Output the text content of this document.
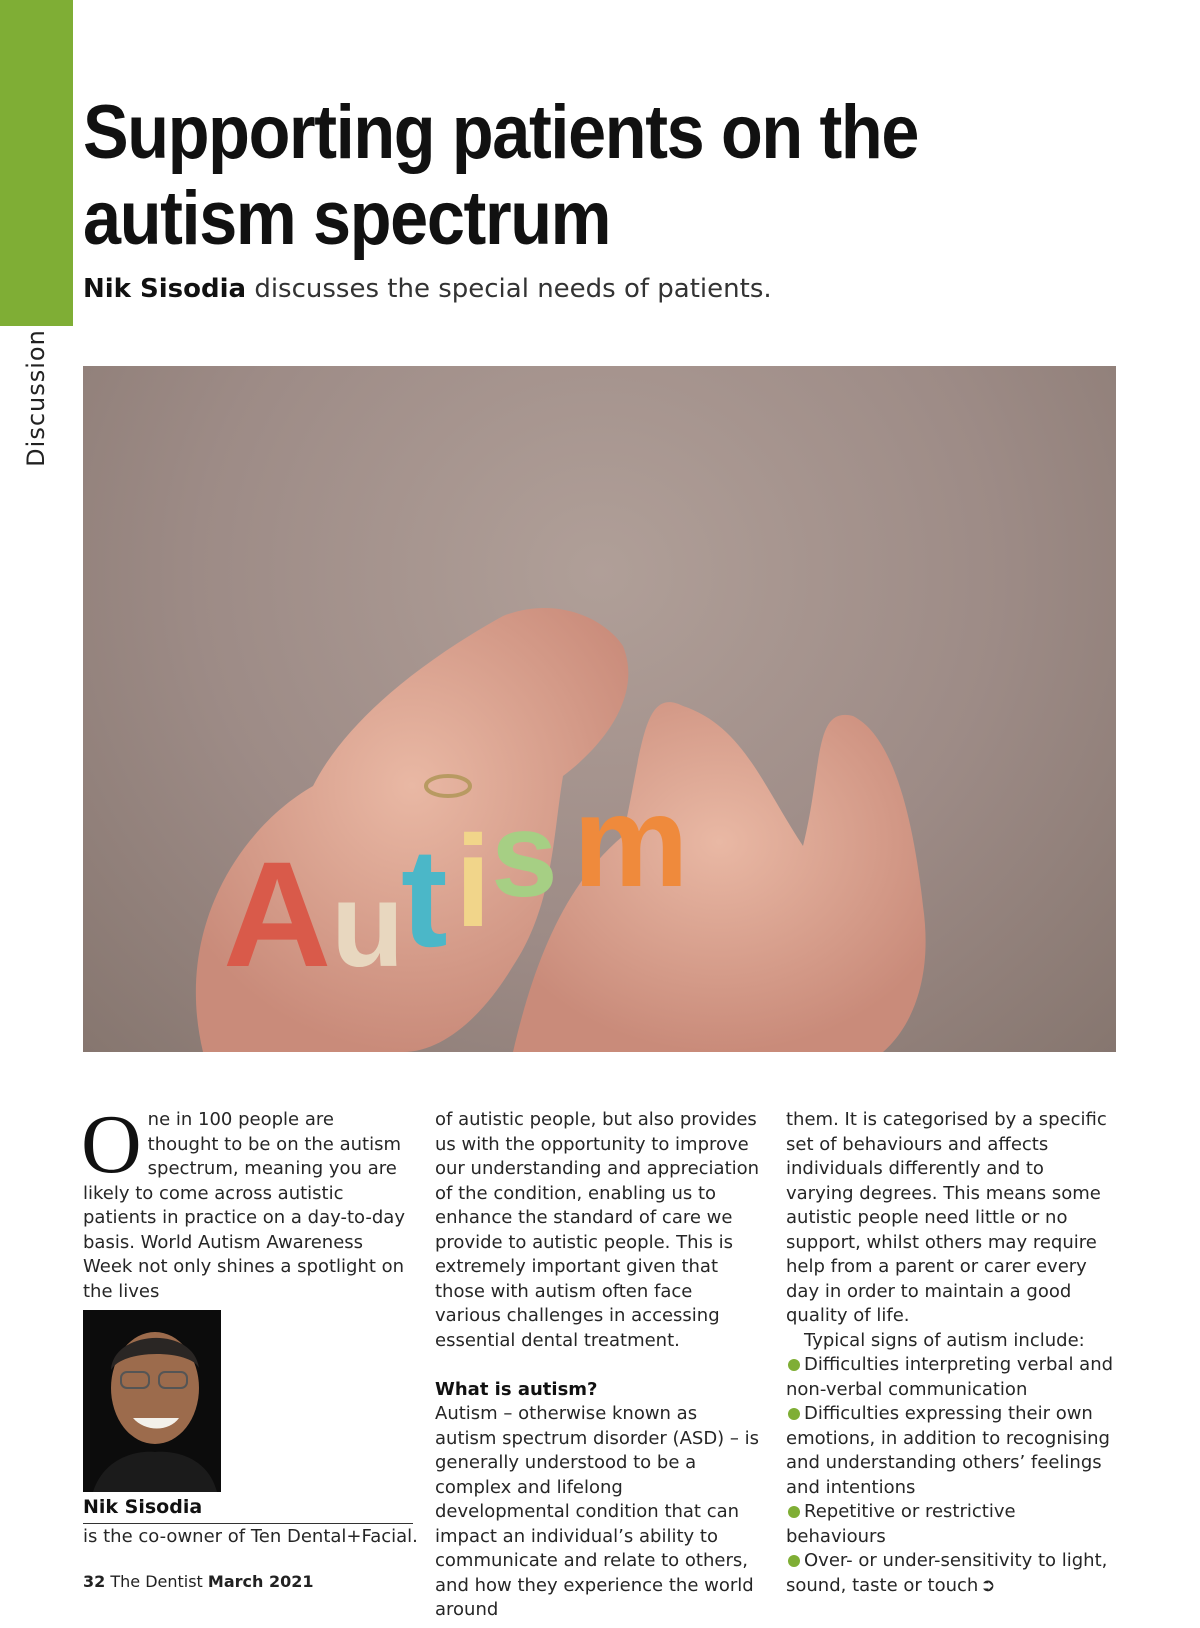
Discussion
Supporting patients on the autism spectrum
Nik Sisodia discusses the special needs of patients.
A u
t i s m

One in 100 people are thought to be on the autism spectrum, meaning you are likely to come across autistic patients in practice on a day-to-day basis. World Autism Awareness Week not only shines a spotlight on the lives

of autistic people, but also provides us with the opportunity to improve our understanding and appreciation of the condition, enabling us to enhance the standard of care we provide to autistic people. This is extremely important given that those with autism often face various challenges in accessing essential dental treatment.

What is autism?

Autism – otherwise known as autism spectrum disorder (ASD) – is generally understood to be a complex and lifelong developmental condition that can impact an individual’s ability to communicate and relate to others, and how they experience the world around

them. It is categorised by a specific set of behaviours and affects individuals differently and to varying degrees. This means some autistic people need little or no support, whilst others may require help from a parent or carer every day in order to maintain a good quality of life.

Typical signs of autism include:

Difficulties interpreting verbal and non-verbal communication

Difficulties expressing their own emotions, in addition to recognising and understanding others’ feelings and intentions

Repetitive or restrictive behaviours

Over- or under-sensitivity to light, sound, taste or touch ➲

Nik Sisodia
is the co-owner of Ten Dental+Facial.
32 The Dentist March 2021
